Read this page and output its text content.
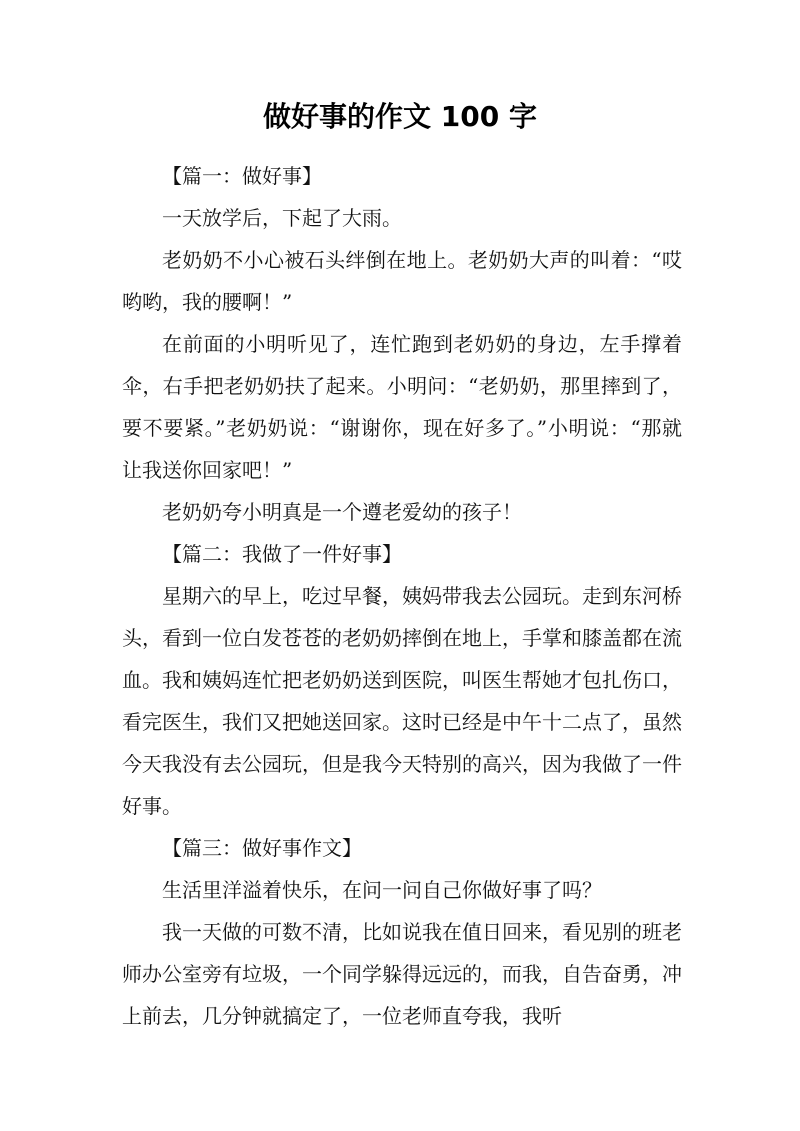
做好事的作文 100 字

【篇一：做好事】

一天放学后，下起了大雨。

老奶奶不小心被石头绊倒在地上。老奶奶大声的叫着：“哎哟哟，我的腰啊！”

在前面的小明听见了，连忙跑到老奶奶的身边，左手撑着伞，右手把老奶奶扶了起来。小明问：“老奶奶，那里摔到了，要不要紧。”老奶奶说：“谢谢你，现在好多了。”小明说：“那就让我送你回家吧！”

老奶奶夸小明真是一个遵老爱幼的孩子！

【篇二：我做了一件好事】

星期六的早上，吃过早餐，姨妈带我去公园玩。走到东河桥头，看到一位白发苍苍的老奶奶摔倒在地上，手掌和膝盖都在流血。我和姨妈连忙把老奶奶送到医院，叫医生帮她才包扎伤口，看完医生，我们又把她送回家。这时已经是中午十二点了，虽然今天我没有去公园玩，但是我今天特别的高兴，因为我做了一件好事。

【篇三：做好事作文】

生活里洋溢着快乐，在问一问自己你做好事了吗？

我一天做的可数不清，比如说我在值日回来，看见别的班老师办公室旁有垃圾，一个同学躲得远远的，而我，自告奋勇，冲上前去，几分钟就搞定了，一位老师直夸我，我听
